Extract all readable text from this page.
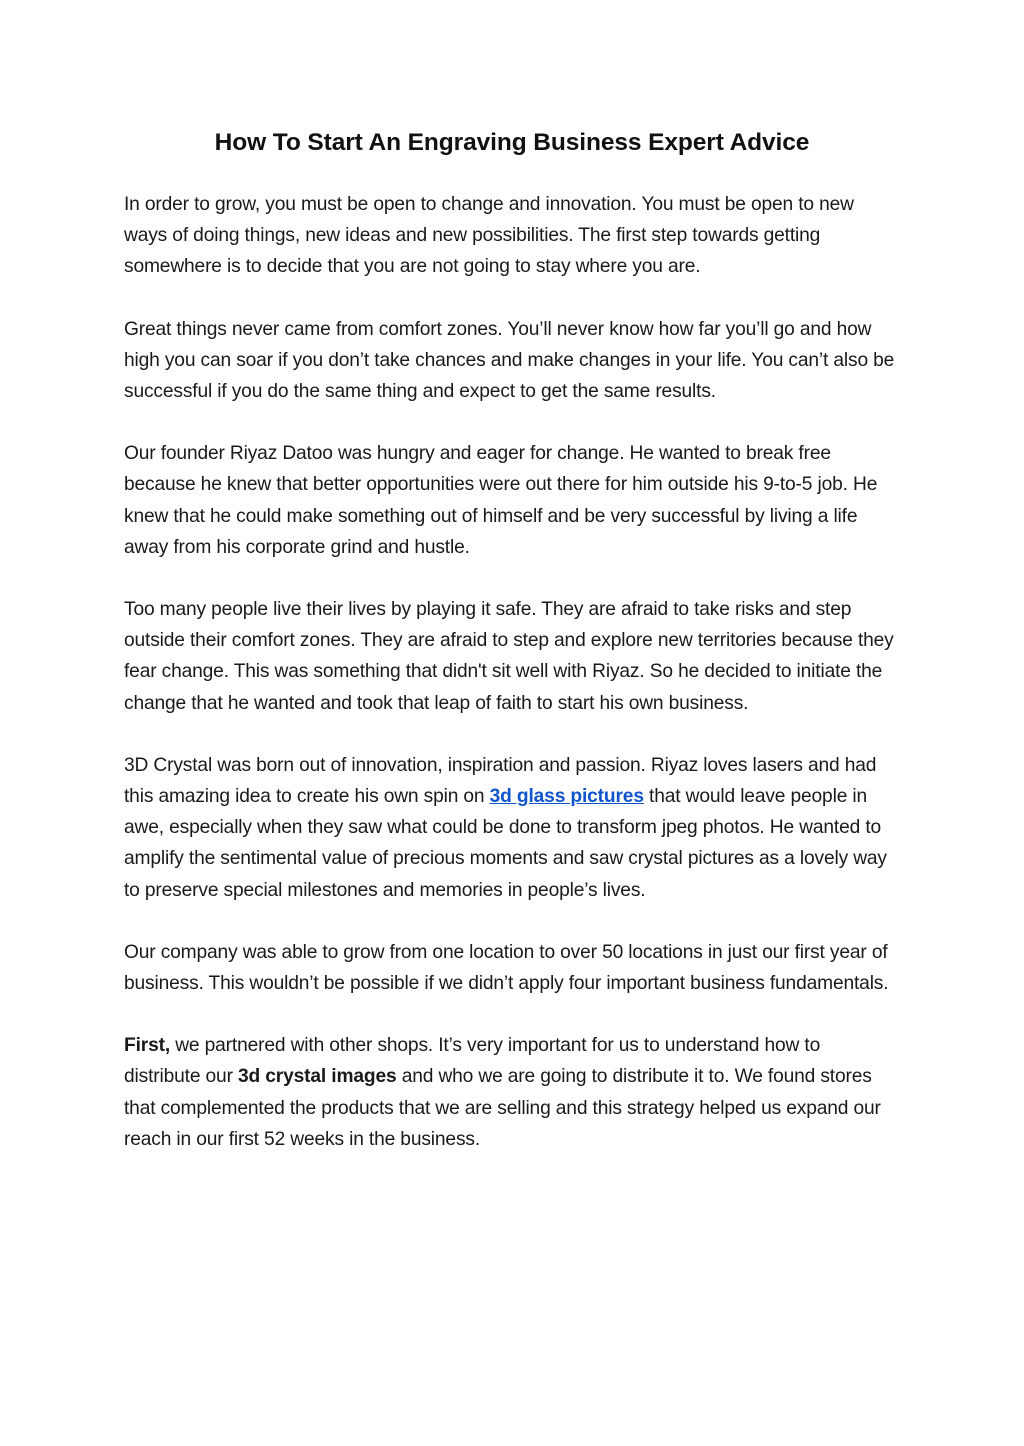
How To Start An Engraving Business Expert Advice

In order to grow, you must be open to change and innovation. You must be open to new ways of doing things, new ideas and new possibilities. The first step towards getting somewhere is to decide that you are not going to stay where you are.

Great things never came from comfort zones. You’ll never know how far you’ll go and how high you can soar if you don’t take chances and make changes in your life. You can’t also be successful if you do the same thing and expect to get the same results.

Our founder Riyaz Datoo was hungry and eager for change. He wanted to break free because he knew that better opportunities were out there for him outside his 9-to-5 job. He knew that he could make something out of himself and be very successful by living a life away from his corporate grind and hustle.

Too many people live their lives by playing it safe. They are afraid to take risks and step outside their comfort zones. They are afraid to step and explore new territories because they fear change. This was something that didn't sit well with Riyaz. So he decided to initiate the change that he wanted and took that leap of faith to start his own business.

3D Crystal was born out of innovation, inspiration and passion. Riyaz loves lasers and had this amazing idea to create his own spin on 3d glass pictures that would leave people in awe, especially when they saw what could be done to transform jpeg photos. He wanted to amplify the sentimental value of precious moments and saw crystal pictures as a lovely way to preserve special milestones and memories in people’s lives.

Our company was able to grow from one location to over 50 locations in just our first year of business. This wouldn’t be possible if we didn’t apply four important business fundamentals.

First, we partnered with other shops. It’s very important for us to understand how to distribute our 3d crystal images and who we are going to distribute it to. We found stores that complemented the products that we are selling and this strategy helped us expand our reach in our first 52 weeks in the business.
